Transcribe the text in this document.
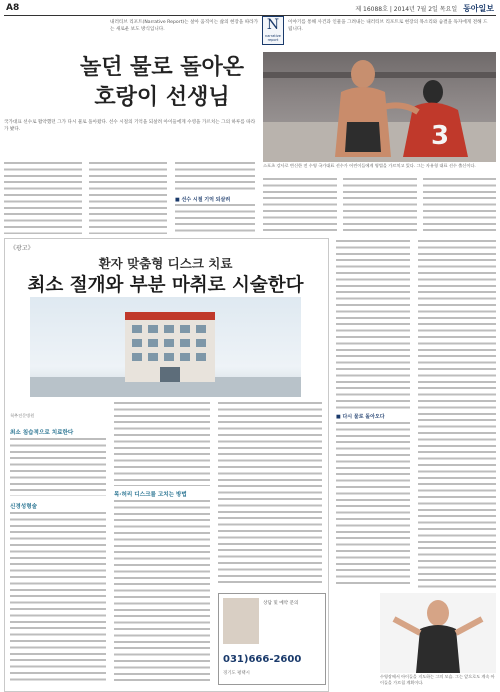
A8	제 16088호 | 2014년 7월 2일 목요일 동아일보
내러티브 리포트(Narrative Report)는 살아 움직이는 삶의 현장을 따라가는 새로운 보도 방식입니다.	N
narrative report
이야기를 통해 사건과 인물을 그려내는 내러티브 리포트로 현장의 목소리와 숨결을 독자에게 전해 드립니다.
놀던 물로 돌아온
호랑이 선생님
3
스포츠 강사로 변신한 전 수영 국가대표 선수가 어린이들에게 영법을 가르치고 있다. 그는 자유형 대표 선수 출신이다.
국가대표 선수로 활약했던 그가 다시 물로 돌아왔다. 선수 시절의 기억을 되살려 아이들에게 수영을 가르치는 그의 하루를 따라가 봤다.
■ 선수 시절 기억 되살려
■ 다시 물로 돌아오다
《광고》
환자 맞춤형 디스크 치료
최소 절개와 부분 마취로 시술한다
척추전문병원
최소 침습적으로 치료한다
신경성형술
목·허리 디스크를 고치는 방법
상담 및 예약 문의
031)666-2600
경기도 평택시
수영장에서 아이들을 지도하는 그의 모습. 그는 앞으로도 계속 아이들을 가르칠 계획이다.
